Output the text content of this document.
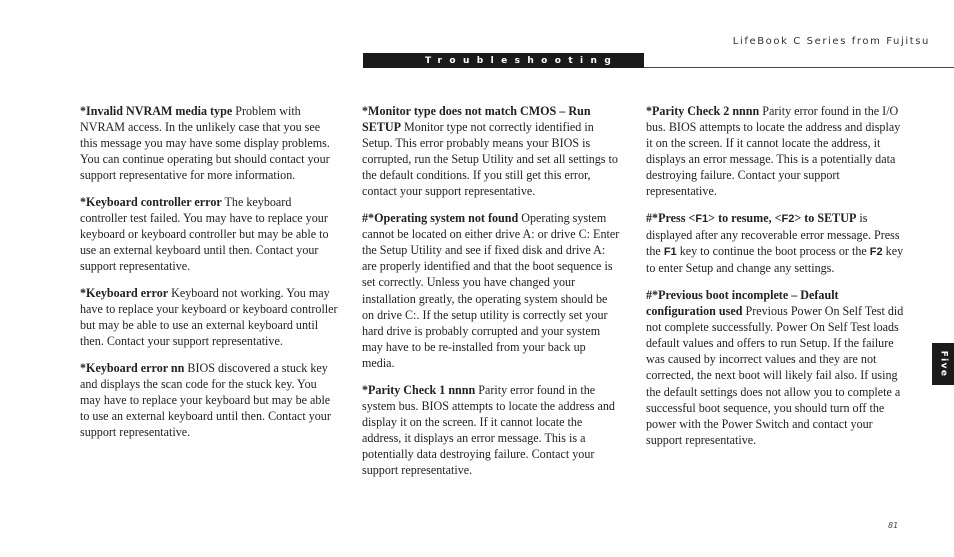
LifeBook C Series from Fujitsu
Troubleshooting
Five

*Invalid NVRAM media type Problem with NVRAM access. In the unlikely case that you see this message you may have some display problems. You can continue operating but should contact your support representative for more information.

*Keyboard controller error The keyboard controller test failed. You may have to replace your keyboard or keyboard controller but may be able to use an external keyboard until then. Contact your support representative.

*Keyboard error Keyboard not working. You may have to replace your keyboard or keyboard controller but may be able to use an external keyboard until then. Contact your support representative.

*Keyboard error nn BIOS discovered a stuck key and displays the scan code for the stuck key. You may have to replace your keyboard but may be able to use an external keyboard until then. Contact your support representative.

*Monitor type does not match CMOS – Run SETUP Monitor type not correctly identified in Setup. This error probably means your BIOS is corrupted, run the Setup Utility and set all settings to the default conditions. If you still get this error, contact your support representative.

#*Operating system not found Operating system cannot be located on either drive A: or drive C: Enter the Setup Utility and see if fixed disk and drive A: are properly identified and that the boot sequence is set correctly. Unless you have changed your installation greatly, the operating system should be on drive C:. If the setup utility is correctly set your hard drive is probably corrupted and your system may have to be re-installed from your back up media.

*Parity Check 1 nnnn Parity error found in the system bus. BIOS attempts to locate the address and display it on the screen. If it cannot locate the address, it displays an error message. This is a potentially data destroying failure. Contact your support representative.

*Parity Check 2 nnnn Parity error found in the I/O bus. BIOS attempts to locate the address and display it on the screen. If it cannot locate the address, it displays an error message. This is a potentially data destroying failure. Contact your support representative.

#*Press <F1> to resume, <F2> to SETUP is displayed after any recoverable error message. Press the F1 key to continue the boot process or the F2 key to enter Setup and change any settings.

#*Previous boot incomplete – Default configuration used Previous Power On Self Test did not complete successfully. Power On Self Test loads default values and offers to run Setup. If the failure was caused by incorrect values and they are not corrected, the next boot will likely fail also. If using the default settings does not allow you to complete a successful boot sequence, you should turn off the power with the Power Switch and contact your support representative.

81
